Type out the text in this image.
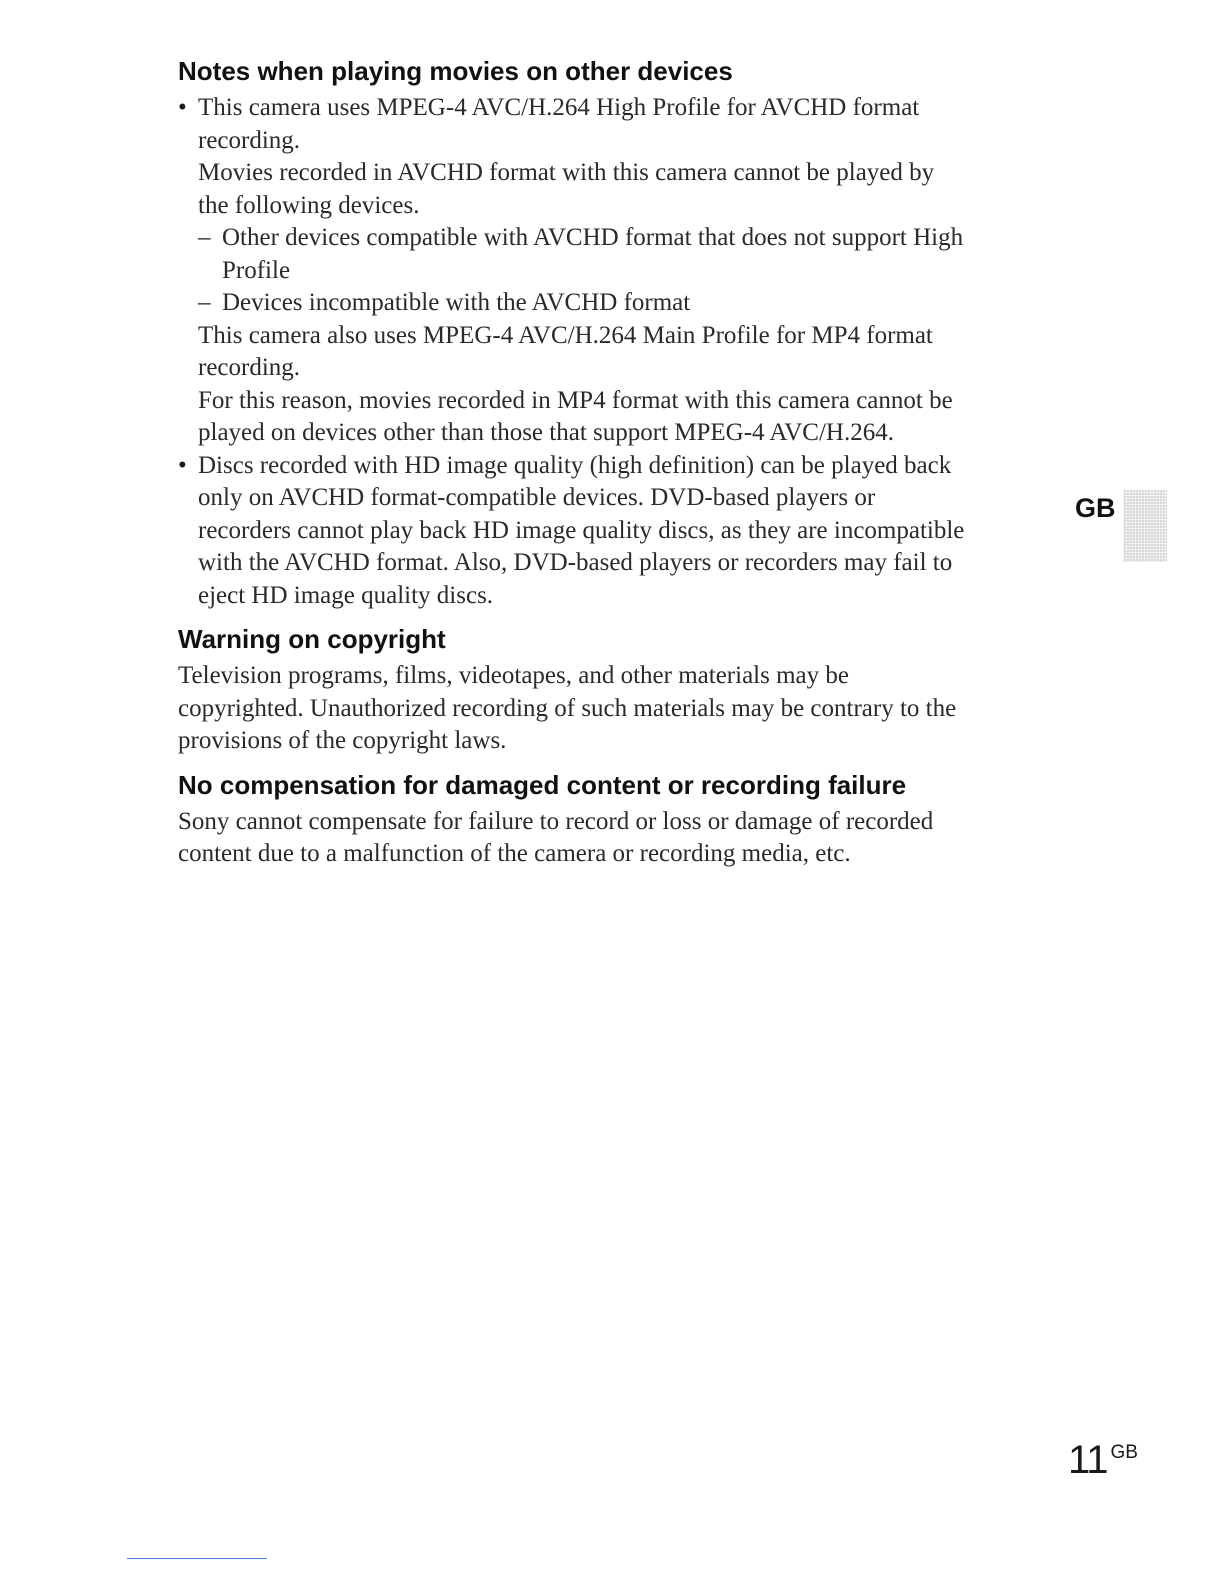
Notes when playing movies on other devices
• This camera uses MPEG-4 AVC/H.264 High Profile for AVCHD format
recording.
Movies recorded in AVCHD format with this camera cannot be played by
the following devices.
– Other devices compatible with AVCHD format that does not support High
Profile
– Devices incompatible with the AVCHD format
This camera also uses MPEG-4 AVC/H.264 Main Profile for MP4 format
recording.
For this reason, movies recorded in MP4 format with this camera cannot be
played on devices other than those that support MPEG-4 AVC/H.264.
• Discs recorded with HD image quality (high definition) can be played back
only on AVCHD format-compatible devices. DVD-based players or
recorders cannot play back HD image quality discs, as they are incompatible
with the AVCHD format. Also, DVD-based players or recorders may fail to
eject HD image quality discs.
Warning on copyright
Television programs, films, videotapes, and other materials may be
copyrighted. Unauthorized recording of such materials may be contrary to the
provisions of the copyright laws.
No compensation for damaged content or recording failure
Sony cannot compensate for failure to record or loss or damage of recorded
content due to a malfunction of the camera or recording media, etc.
GB
11 GB
